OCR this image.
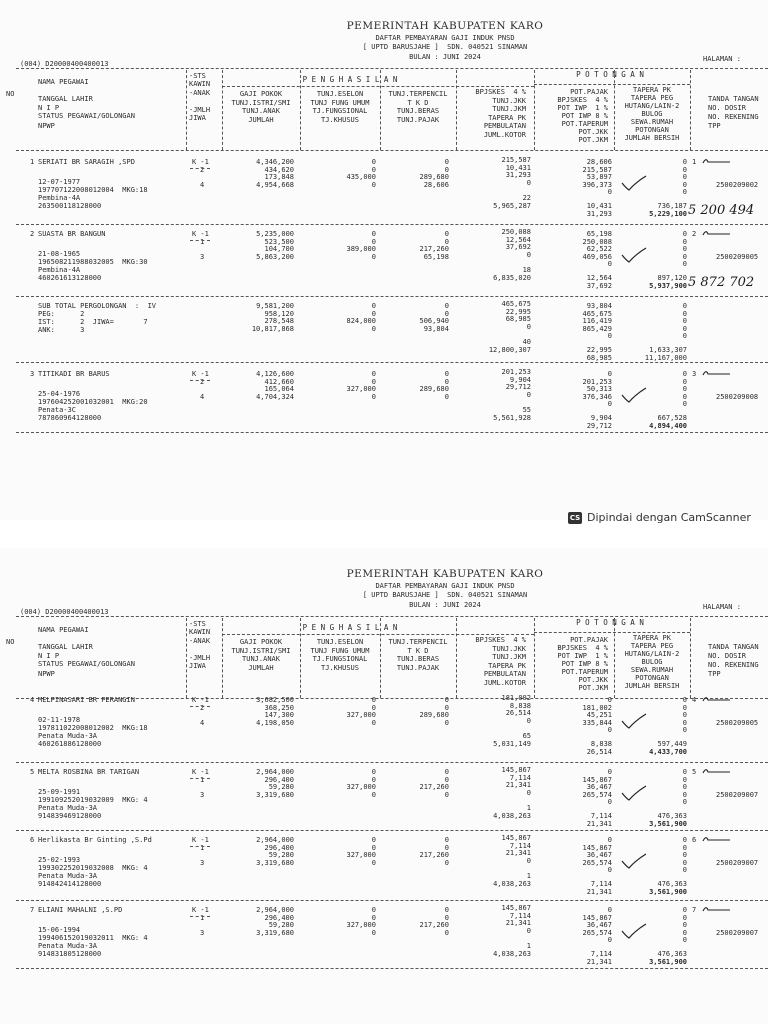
PEMERINTAH KABUPATEN KARO
DAFTAR PEMBAYARAN GAJI INDUK PNSD
[ UPTD BARUSJAHE ]  SDN. 040521 SINAMAN
BULAN : JUNI 2024
(004) D20000400400013
HALAMAN :
NO
NAMA PEGAWAI
TANGGAL LAHIR
N I P
STATUS PEGAWAI/GOLONGAN
NPWP
-STS
KAWIN
-ANAK
-JMLH
JIWA
P E N G H A S I L A N
GAJI POKOK
TUNJ.ISTRI/SMI
TUNJ.ANAK
JUMLAH
TUNJ.ESELON
TUNJ FUNG UMUM
TJ.FUNGSIONAL
TJ.KHUSUS
TUNJ.TERPENCIL
T K D
TUNJ.BERAS
TUNJ.PAJAK
BPJSKES  4 %
TUNJ.JKK
TUNJ.JKM
TAPERA PK
PEMBULATAN
JUML.KOTOR
P O T O N G A N
POT.PAJAK
BPJSKES  4 %
POT IWP  1 %
POT IWP 8 %
POT.TAPERUM
POT.JKK
POT.JKM
TAPERA PK
TAPERA PEG
HUTANG/LAIN-2
BULOG
SEWA.RUMAH
POTONGAN
JUMLAH BERSIH
TANDA TANGAN
NO. DOSIR
NO. REKENING
TPP
1 SERIATI BR SARAGIH ,SPD
12-07-1977
197707122008012004  MKG:18
Pembina-4A
263500118128000
K -1
2
4
4,346,200
434,620
173,848
4,954,668
0
0
435,000
0
0
0
289,680
28,606
215,587
10,431
31,293
0
22
5,965,287
28,606
215,587
53,897
396,373
0
10,431
31,293
0
0
0
0
0
736,187
5,229,100
1
2500209002
5 200 494
2 SUASTA BR BANGUN
21-08-1965
196508211988032005  MKG:30
Pembina-4A
460261613128000
K -1
1
3
5,235,000
523,500
104,700
5,863,200
0
0
389,000
0
0
0
217,260
65,198
250,088
12,564
37,692
0
18
6,835,020
65,198
250,088
62,522
469,056
0
12,564
37,692
0
0
0
0
0
897,120
5,937,900
2
2500209005
5 872 702
SUB TOTAL PERGOLONGAN  :  IV
PEG:      2
IST:      2  JIWA=       7
ANK:      3
9,581,200
958,120
278,548
10,817,868
0
0
824,000
0
0
0
506,940
93,804
465,675
22,995
68,985
0
40
12,800,307
93,804
465,675
116,419
865,429
0
22,995
68,985
0
0
0
0
0
1,633,307
11,167,000
3 TITIKADI BR BARUS
25-04-1976
197604252001032001  MKG:20
Penata-3C
787860964128000
K -1
2
4
4,126,600
412,660
165,064
4,704,324
0
0
327,000
0
0
0
289,680
0
201,253
9,904
29,712
0
55
5,561,928
0
201,253
50,313
376,346
0
9,904
29,712
0
0
0
0
0
667,528
4,894,400
3
2500209008
CS Dipindai dengan CamScanner
PEMERINTAH KABUPATEN KARO
DAFTAR PEMBAYARAN GAJI INDUK PNSD
[ UPTD BARUSJAHE ]  SDN. 040521 SINAMAN
BULAN : JUNI 2024
(004) D20000400400013
HALAMAN :
NO
NAMA PEGAWAI
TANGGAL LAHIR
N I P
STATUS PEGAWAI/GOLONGAN
NPWP
-STS
KAWIN
-ANAK
-JMLH
JIWA
P E N G H A S I L A N
GAJI POKOK
TUNJ.ISTRI/SMI
TUNJ.ANAK
JUMLAH
TUNJ.ESELON
TUNJ FUNG UMUM
TJ.FUNGSIONAL
TJ.KHUSUS
TUNJ.TERPENCIL
T K D
TUNJ.BERAS
TUNJ.PAJAK
BPJSKES  4 %
TUNJ.JKK
TUNJ.JKM
TAPERA PK
PEMBULATAN
JUML.KOTOR
P O T O N G A N
POT.PAJAK
BPJSKES  4 %
POT IWP  1 %
POT IWP 8 %
POT.TAPERUM
POT.JKK
POT.JKM
TAPERA PK
TAPERA PEG
HUTANG/LAIN-2
BULOG
SEWA.RUMAH
POTONGAN
JUMLAH BERSIH
TANDA TANGAN
NO. DOSIR
NO. REKENING
TPP
4 MELPINASARI BR PERANGIN
02-11-1978
197811022008012002  MKG:18
Penata Muda-3A
460261886128000
K -1
2
4
3,682,500
368,250
147,300
4,198,050
0
0
327,000
0
0
0
289,680
0
181,002
8,838
26,514
0
65
5,031,149
0
181,002
45,251
335,844
0
8,838
26,514
0
0
0
0
0
597,449
4,433,700
4
2500209005
5 MELTA ROSBINA BR TARIGAN
25-09-1991
199109252019032009  MKG: 4
Penata Muda-3A
914839469128000
K -1
1
3
2,964,000
296,400
59,280
3,319,680
0
0
327,000
0
0
0
217,260
0
145,867
7,114
21,341
0
1
4,038,263
0
145,867
36,467
265,574
0
7,114
21,341
0
0
0
0
0
476,363
3,561,900
5
2500209007
6 Herlikasta Br Ginting ,S.Pd
25-02-1993
199302252019032008  MKG: 4
Penata Muda-3A
914842414128000
K -1
1
3
2,964,000
296,400
59,280
3,319,680
0
0
327,000
0
0
0
217,260
0
145,867
7,114
21,341
0
1
4,038,263
0
145,867
36,467
265,574
0
7,114
21,341
0
0
0
0
0
476,363
3,561,900
6
2500209007
7 ELIANI MAHALNI ,S.PD
15-06-1994
199406152019032011  MKG: 4
Penata Muda-3A
914831805128000
K -1
1
3
2,964,000
296,400
59,280
3,319,680
0
0
327,000
0
0
0
217,260
0
145,867
7,114
21,341
0
1
4,038,263
0
145,867
36,467
265,574
0
7,114
21,341
0
0
0
0
0
476,363
3,561,900
7
2500209007
